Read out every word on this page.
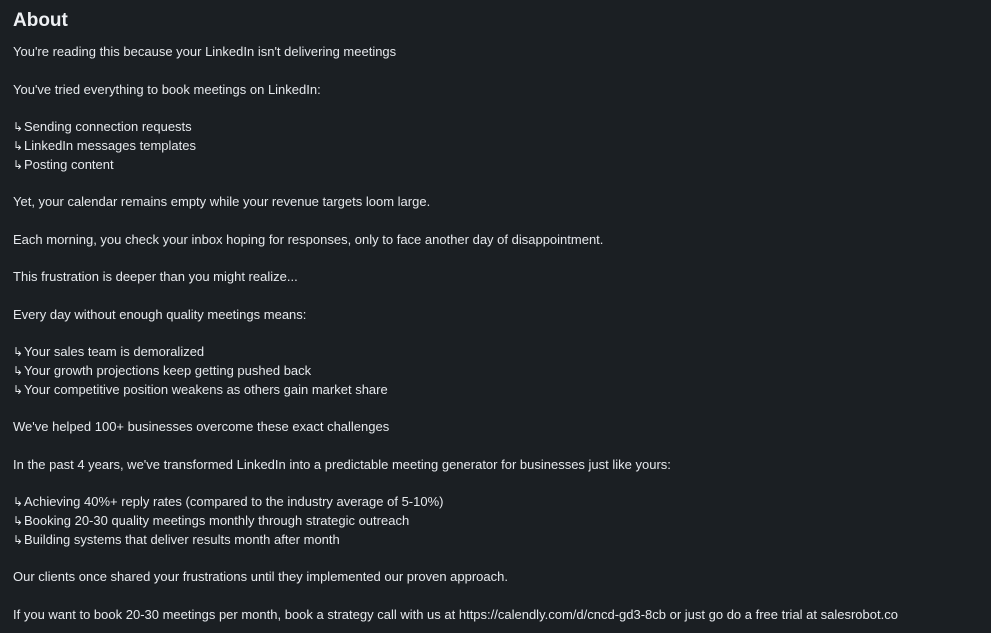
About
You're reading this because your LinkedIn isn't delivering meetings
You've tried everything to book meetings on LinkedIn:
↳Sending connection requests
↳LinkedIn messages templates
↳Posting content
Yet, your calendar remains empty while your revenue targets loom large.
Each morning, you check your inbox hoping for responses, only to face another day of disappointment.
This frustration is deeper than you might realize...
Every day without enough quality meetings means:
↳Your sales team is demoralized
↳Your growth projections keep getting pushed back
↳Your competitive position weakens as others gain market share
We've helped 100+ businesses overcome these exact challenges
In the past 4 years, we've transformed LinkedIn into a predictable meeting generator for businesses just like yours:
↳Achieving 40%+ reply rates (compared to the industry average of 5-10%)
↳Booking 20-30 quality meetings monthly through strategic outreach
↳Building systems that deliver results month after month
Our clients once shared your frustrations until they implemented our proven approach.
If you want to book 20-30 meetings per month, book a strategy call with us at https://calendly.com/d/cncd-gd3-8cb or just go do a free trial at salesrobot.co
